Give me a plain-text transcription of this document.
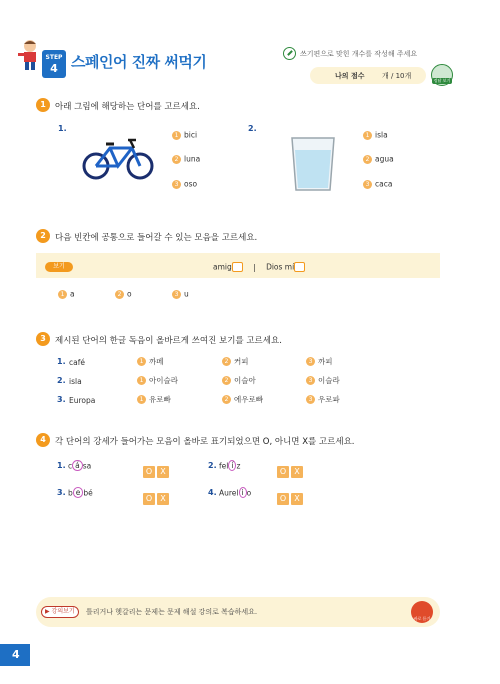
STEP
4 스페인어 진짜 써먹기	쓰기편으로 맞힌 개수를 작성해 주세요
나의 점수	개 / 10개
정답 보기
1	아래 그림에 해당하는 단어를 고르세요.
1.
1 bici
2 luna
3 oso
2.
1 isla
2 agua
3 caca
2	다음 빈칸에 공통으로 들어갈 수 있는 모음을 고르세요.
보기	amig	| Dios mí
1 a	2 o	3 u
3	제시된 단어의 한글 독음이 올바르게 쓰여진 보기를 고르세요.
1. café	1 까페	2 커피	3 까피
2. isla	1 아이슬라	2 이슬아	3 이슬라
3. Europa	1 유로빠	2 에우로빠	3 우로파
4	각 단어의 강세가 들어가는 모음이 올바로 표기되었으면 O, 아니면 X를 고르세요.
1. c á sa
O X
2. fel í z
O X
3. b e bé
O X
4. Aurel i o
O X
▶ 강의보기	틀리거나 헷갈리는 문제는 문제 해설 강의로 복습하세요.
바로 듣기
4
